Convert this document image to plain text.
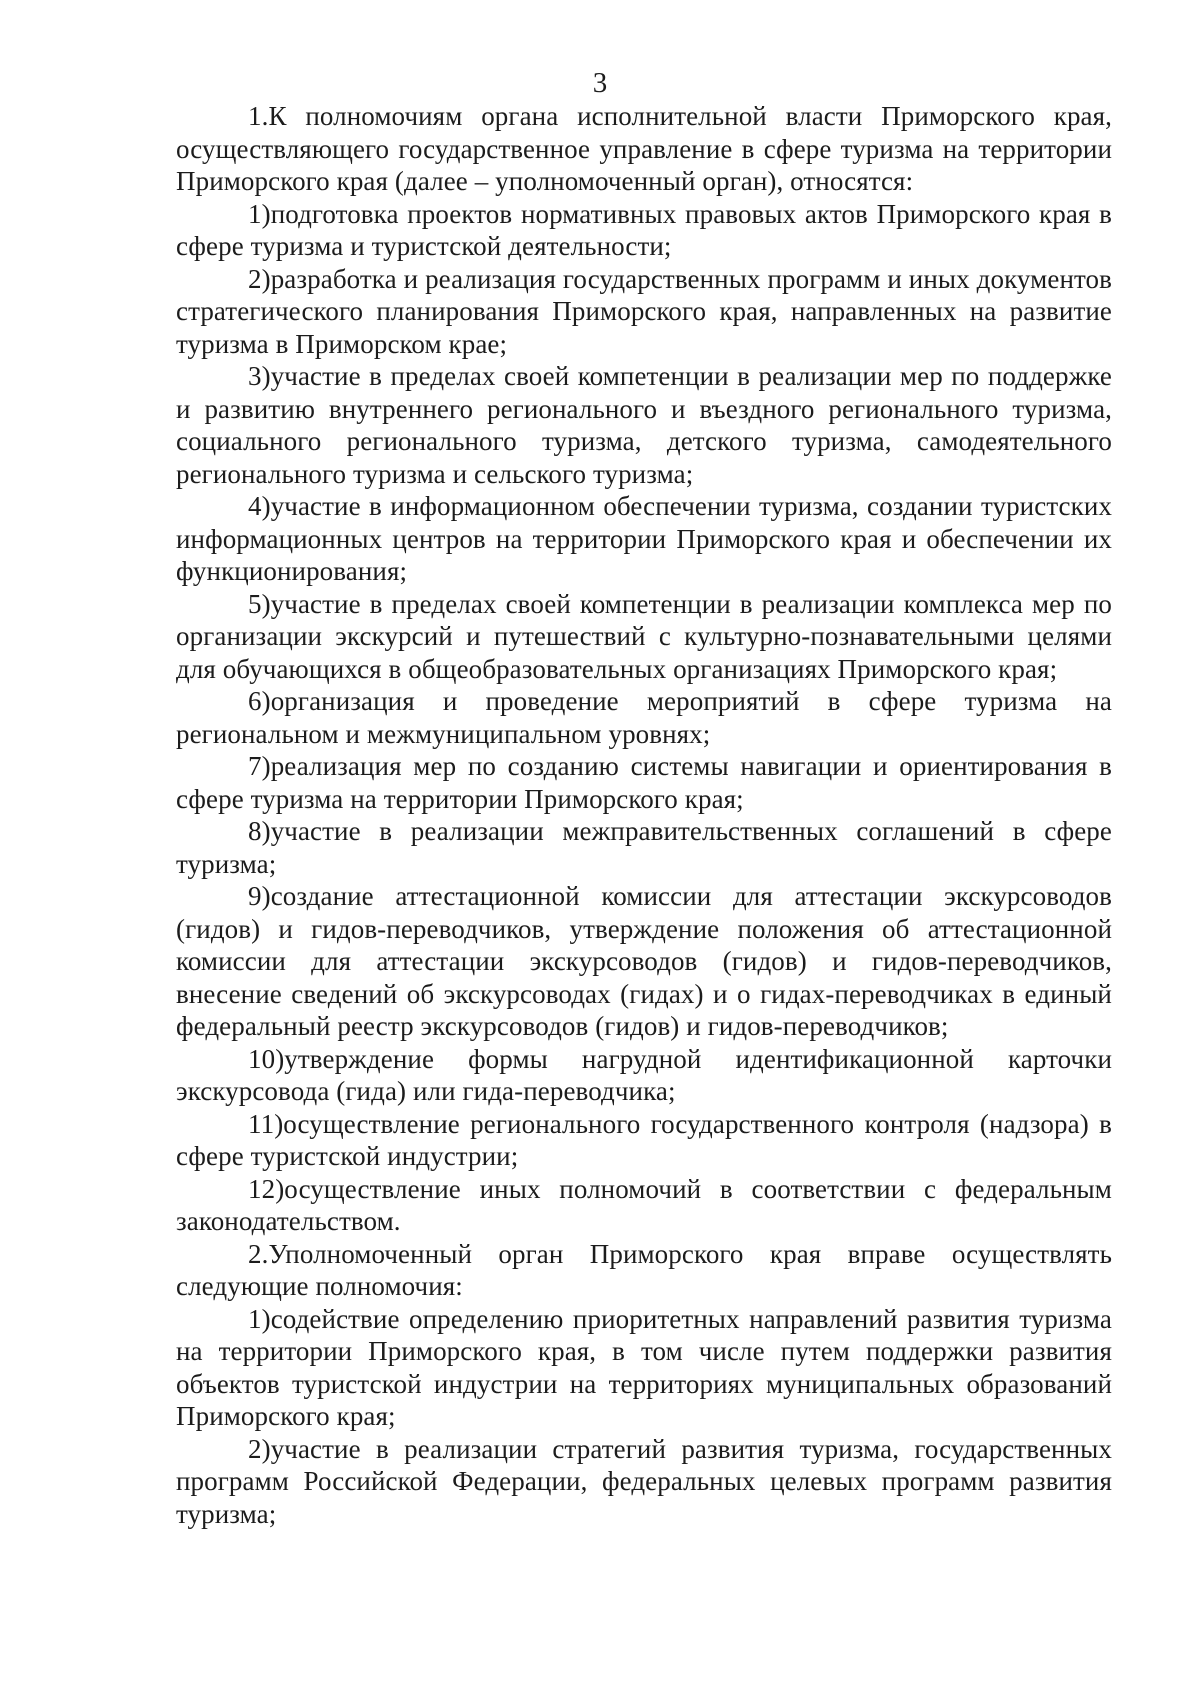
3

1.К полномочиям органа исполнительной власти Приморского края, осуществляющего государственное управление в сфере туризма на территории Приморского края (далее – уполномоченный орган), относятся:

1)подготовка проектов нормативных правовых актов Приморского края в сфере туризма и туристской деятельности;

2)разработка и реализация государственных программ и иных документов стратегического планирования Приморского края, направленных на развитие туризма в Приморском крае;

3)участие в пределах своей компетенции в реализации мер по поддержке и развитию внутреннего регионального и въездного регионального туризма, социального регионального туризма, детского туризма, самодеятельного регионального туризма и сельского туризма;

4)участие в информационном обеспечении туризма, создании туристских информационных центров на территории Приморского края и обеспечении их функционирования;

5)участие в пределах своей компетенции в реализации комплекса мер по организации экскурсий и путешествий с культурно-познавательными целями для обучающихся в общеобразовательных организациях Приморского края;

6)организация и проведение мероприятий в сфере туризма на региональном и межмуниципальном уровнях;

7)реализация мер по созданию системы навигации и ориентирования в сфере туризма на территории Приморского края;

8)участие в реализации межправительственных соглашений в сфере туризма;

9)создание аттестационной комиссии для аттестации экскурсоводов (гидов) и гидов-переводчиков, утверждение положения об аттестационной комиссии для аттестации экскурсоводов (гидов) и гидов-переводчиков, внесение сведений об экскурсоводах (гидах) и о гидах-переводчиках в единый федеральный реестр экскурсоводов (гидов) и гидов-переводчиков;

10)утверждение формы нагрудной идентификационной карточки экскурсовода (гида) или гида-переводчика;

11)осуществление регионального государственного контроля (надзора) в сфере туристской индустрии;

12)осуществление иных полномочий в соответствии с федеральным законодательством.

2.Уполномоченный орган Приморского края вправе осуществлять следующие полномочия:

1)содействие определению приоритетных направлений развития туризма на территории Приморского края, в том числе путем поддержки развития объектов туристской индустрии на территориях муниципальных образований Приморского края;

2)участие в реализации стратегий развития туризма, государственных программ Российской Федерации, федеральных целевых программ развития туризма;
